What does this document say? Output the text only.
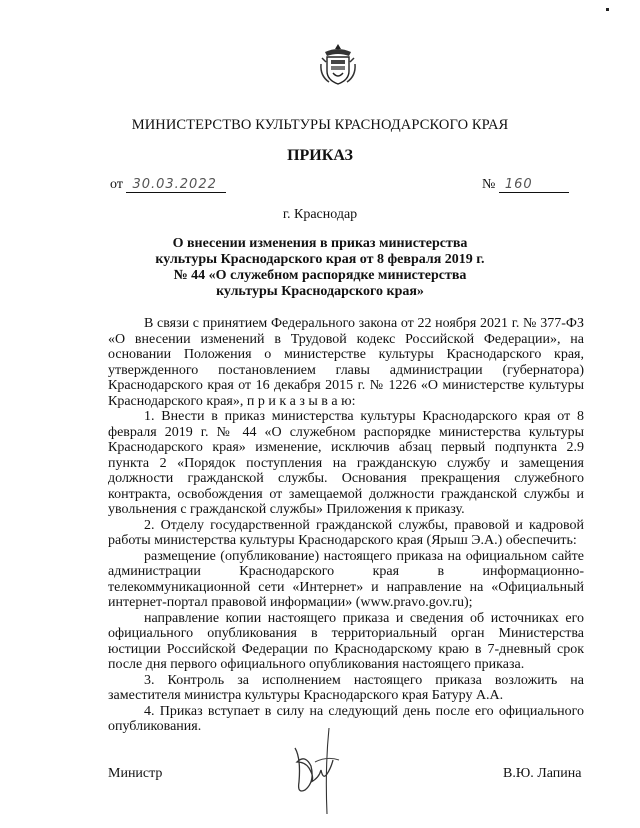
МИНИСТЕРСТВО КУЛЬТУРЫ КРАСНОДАРСКОГО КРАЯ
ПРИКАЗ
от 30.03.2022	№ 160
г. Краснодар
О внесении изменения в приказ министерства культуры Краснодарского края от 8 февраля 2019 г. № 44 «О служебном распорядке министерства культуры Краснодарского края»

В связи с принятием Федерального закона от 22 ноября 2021 г. № 377-ФЗ «О внесении изменений в Трудовой кодекс Российской Федерации», на основании Положения о министерстве культуры Краснодарского края, утвержденного постановлением главы администрации (губернатора) Краснодарского края от 16 декабря 2015 г. № 1226 «О министерстве культуры Краснодарского края», п р и к а з ы в а ю:

1. Внести в приказ министерства культуры Краснодарского края от 8 февраля 2019 г. № 44 «О служебном распорядке министерства культуры Краснодарского края» изменение, исключив абзац первый подпункта 2.9 пункта 2 «Порядок поступления на гражданскую службу и замещения должности гражданской службы. Основания прекращения служебного контракта, освобождения от замещаемой должности гражданской службы и увольнения с гражданской службы» Приложения к приказу.

2. Отделу государственной гражданской службы, правовой и кадровой работы министерства культуры Краснодарского края (Ярыш Э.А.) обеспечить:

размещение (опубликование) настоящего приказа на официальном сайте администрации Краснодарского края в информационно-телекоммуникационной сети «Интернет» и направление на «Официальный интернет-портал правовой информации» (www.pravo.gov.ru);

направление копии настоящего приказа и сведения об источниках его официального опубликования в территориальный орган Министерства юстиции Российской Федерации по Краснодарскому краю в 7-дневный срок после дня первого официального опубликования настоящего приказа.

3. Контроль за исполнением настоящего приказа возложить на заместителя министра культуры Краснодарского края Батуру А.А.

4. Приказ вступает в силу на следующий день после его официального опубликования.

Министр	В.Ю. Лапина
